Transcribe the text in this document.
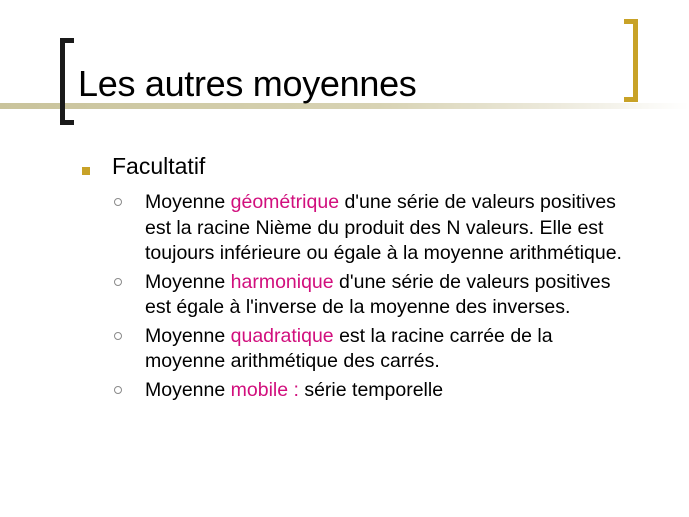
Les autres moyennes
Facultatif
Moyenne géométrique d'une série de valeurs positives est la racine Nième du produit des N valeurs. Elle est toujours inférieure ou égale à la moyenne arithmétique.
Moyenne harmonique d'une série de valeurs positives est égale à l'inverse de la moyenne des inverses.
Moyenne quadratique est la racine carrée de la moyenne arithmétique des carrés.
Moyenne mobile : série temporelle
